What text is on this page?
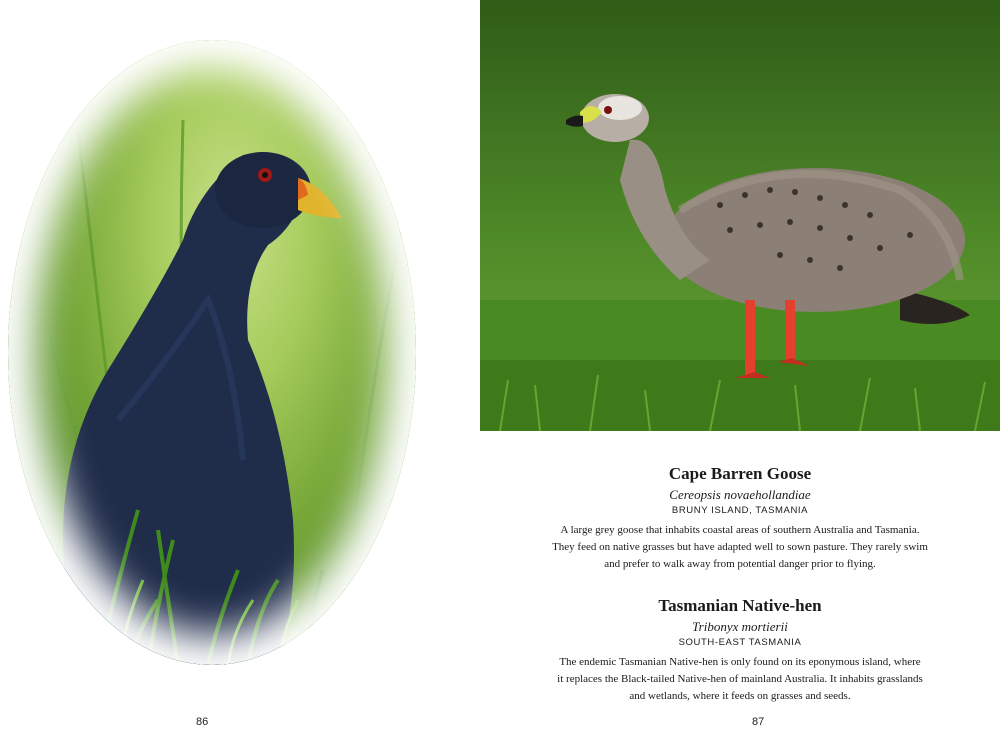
86
Cape Barren Goose
Cereopsis novaehollandiae
BRUNY ISLAND, TASMANIA
A large grey goose that inhabits coastal areas of southern Australia and Tasmania.
They feed on native grasses but have adapted well to sown pasture. They rarely swim
and prefer to walk away from potential danger prior to flying.
Tasmanian Native-hen
Tribonyx mortierii
SOUTH-EAST TASMANIA
The endemic Tasmanian Native-hen is only found on its eponymous island, where
it replaces the Black-tailed Native-hen of mainland Australia. It inhabits grasslands
and wetlands, where it feeds on grasses and seeds.
87
